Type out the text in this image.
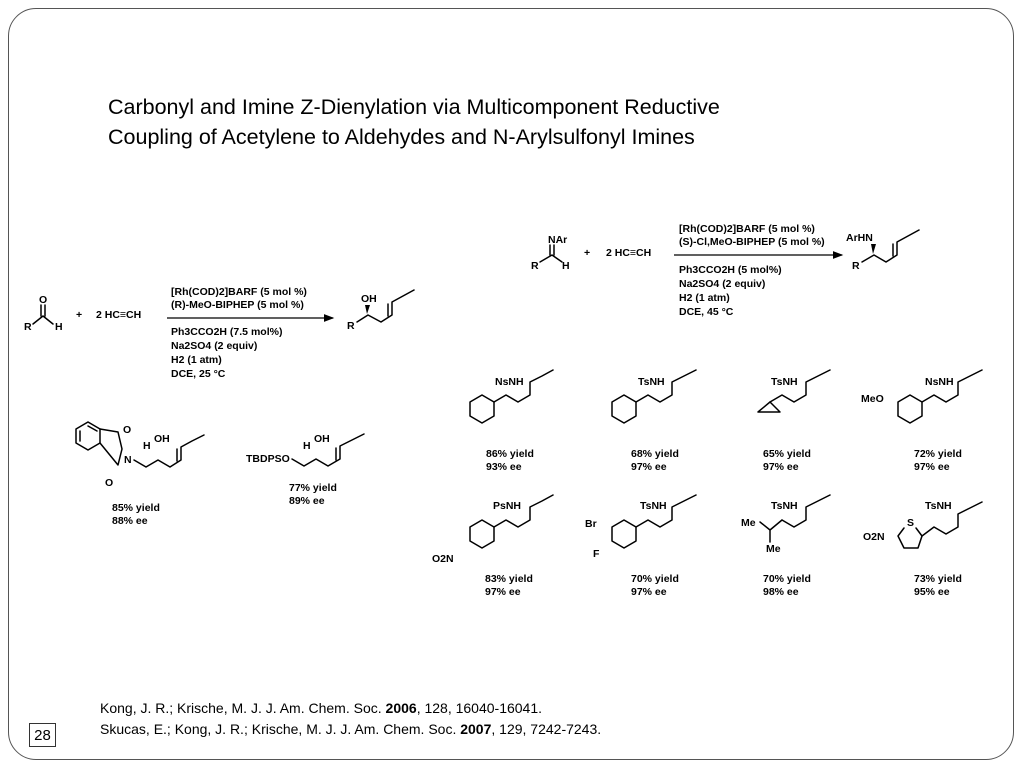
Carbonyl and Imine Z-Dienylation via Multicomponent Reductive
Coupling of Acetylene to Aldehydes and N-Arylsulfonyl Imines
O
R H
+ 2 HC≡CH
[Rh(COD)2]BARF (5 mol %)
(R)-MeO-BIPHEP (5 mol %)
Ph3CCO2H (7.5 mol%)
Na2SO4 (2 equiv)
H2 (1 atm)
DCE, 25 °C
R
OH
NAr
R H
+ 2 HC≡CH
[Rh(COD)2]BARF (5 mol %)
(S)-Cl,MeO-BIPHEP (5 mol %)
Ph3CCO2H (5 mol%)
Na2SO4 (2 equiv)
H2 (1 atm)
DCE, 45 °C
ArHN
R
O
O
N
H
OH
85% yield
88% ee
TBDPSO
H
OH
77% yield
89% ee
NsNH
86% yield
93% ee
TsNH
68% yield
97% ee
TsNH
65% yield
97% ee
NsNH
MeO
72% yield
97% ee
PsNH
O2N
83% yield
97% ee
TsNH
Br
F
70% yield
97% ee
TsNH
Me
Me
70% yield
98% ee
TsNH
O2N
S
73% yield
95% ee
Kong, J. R.; Krische, M. J. J. Am. Chem. Soc. 2006, 128, 16040-16041.
Skucas, E.; Kong, J. R.; Krische, M. J. J. Am. Chem. Soc. 2007, 129, 7242-7243.
28
